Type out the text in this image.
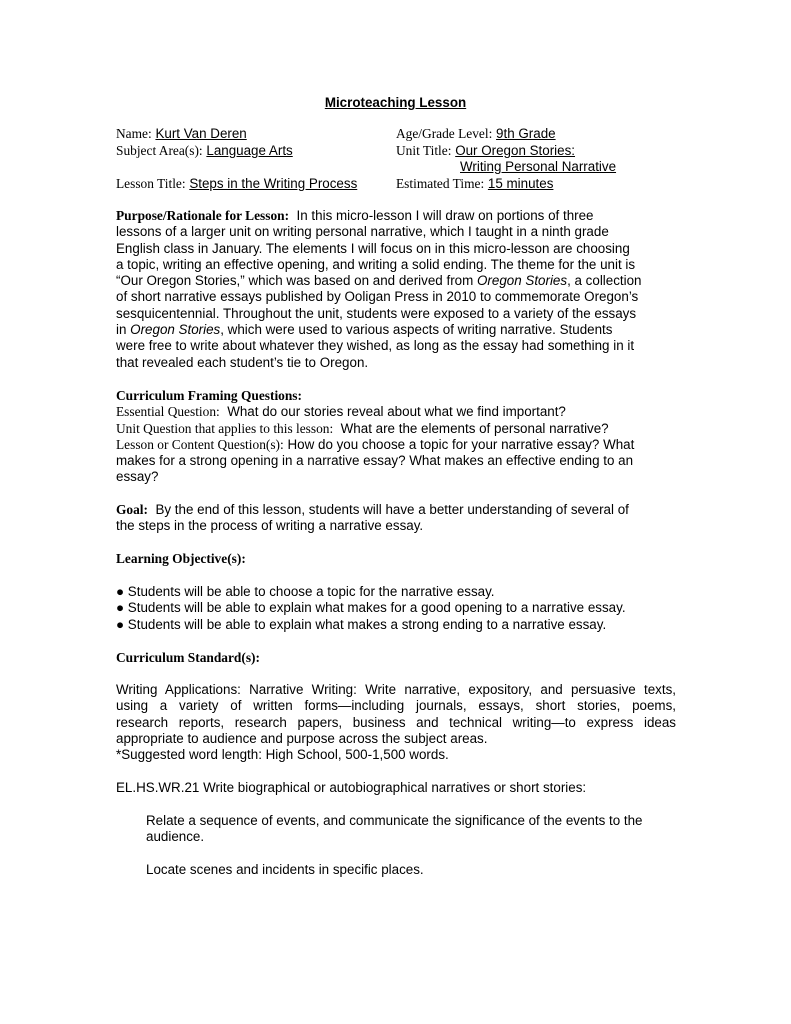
Microteaching Lesson
Name: Kurt Van Deren
Subject Area(s): Language Arts
Lesson Title: Steps in the Writing Process
Age/Grade Level: 9th Grade
Unit Title: Our Oregon Stories:
Writing Personal Narrative
Estimated Time: 15 minutes
Purpose/Rationale for Lesson: In this micro-lesson I will draw on portions of three
lessons of a larger unit on writing personal narrative, which I taught in a ninth grade
English class in January. The elements I will focus on in this micro-lesson are choosing
a topic, writing an effective opening, and writing a solid ending. The theme for the unit is
“Our Oregon Stories,” which was based on and derived from Oregon Stories, a collection
of short narrative essays published by Ooligan Press in 2010 to commemorate Oregon’s
sesquicentennial. Throughout the unit, students were exposed to a variety of the essays
in Oregon Stories, which were used to various aspects of writing narrative. Students
were free to write about whatever they wished, as long as the essay had something in it
that revealed each student’s tie to Oregon.
Curriculum Framing Questions:
Essential Question: What do our stories reveal about what we find important?
Unit Question that applies to this lesson: What are the elements of personal narrative?
Lesson or Content Question(s): How do you choose a topic for your narrative essay? What
makes for a strong opening in a narrative essay? What makes an effective ending to an
essay?
Goal: By the end of this lesson, students will have a better understanding of several of
the steps in the process of writing a narrative essay.
Learning Objective(s):
● Students will be able to choose a topic for the narrative essay.
● Students will be able to explain what makes for a good opening to a narrative essay.
● Students will be able to explain what makes a strong ending to a narrative essay.
Curriculum Standard(s):
Writing Applications: Narrative Writing: Write narrative, expository, and persuasive texts,
using a variety of written forms—including journals, essays, short stories, poems,
research reports, research papers, business and technical writing—to express ideas
appropriate to audience and purpose across the subject areas.
*Suggested word length: High School, 500-1,500 words.
EL.HS.WR.21 Write biographical or autobiographical narratives or short stories:
Relate a sequence of events, and communicate the significance of the events to the
audience.
Locate scenes and incidents in specific places.
